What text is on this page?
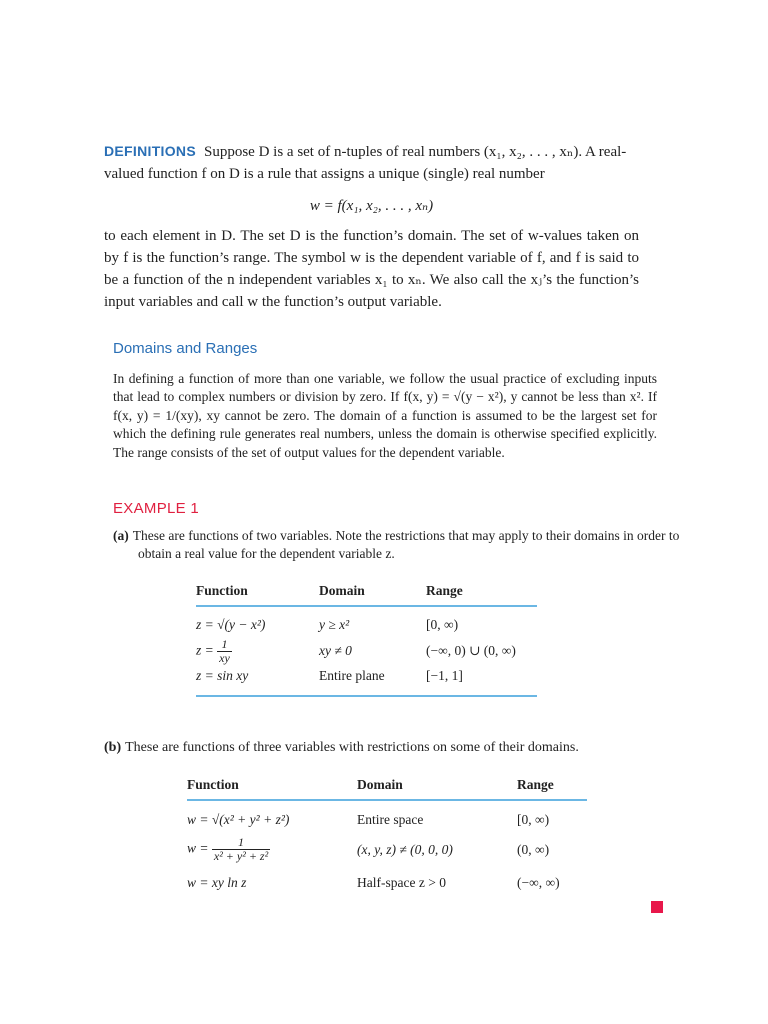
DEFINITIONS Suppose D is a set of n-tuples of real numbers (x₁, x₂, . . . , xₙ). A real-valued function f on D is a rule that assigns a unique (single) real number

w = f(x₁, x₂, . . . , xₙ)

to each element in D. The set D is the function’s domain. The set of w-values taken on by f is the function’s range. The symbol w is the dependent variable of f, and f is said to be a function of the n independent variables x₁ to xₙ. We also call the xⱼ’s the function’s input variables and call w the function’s output variable.

Domains and Ranges

In defining a function of more than one variable, we follow the usual practice of excluding inputs that lead to complex numbers or division by zero. If f(x, y) = √(y − x²), y cannot be less than x². If f(x, y) = 1/(xy), xy cannot be zero. The domain of a function is assumed to be the largest set for which the defining rule generates real numbers, unless the domain is otherwise specified explicitly. The range consists of the set of output values for the dependent variable.

EXAMPLE 1

(a) These are functions of two variables. Note the restrictions that may apply to their domains in order to obtain a real value for the dependent variable z.

Function	Domain	Range
z = √(y − x²)	y ≥ x²	[0, ∞)
$z = \frac{1}{xy}$	xy ≠ 0	(−∞, 0) ∪ (0, ∞)
z = sin xy	Entire plane	[−1, 1]

(b) These are functions of three variables with restrictions on some of their domains.

Function	Domain	Range
w = √(x² + y² + z²)	Entire space	[0, ∞)
$w = \frac{1}{\text{x² + y² + z²}}$	(x, y, z) ≠ (0, 0, 0)	(0, ∞)
w = xy ln z	Half-space z > 0	(−∞, ∞)
